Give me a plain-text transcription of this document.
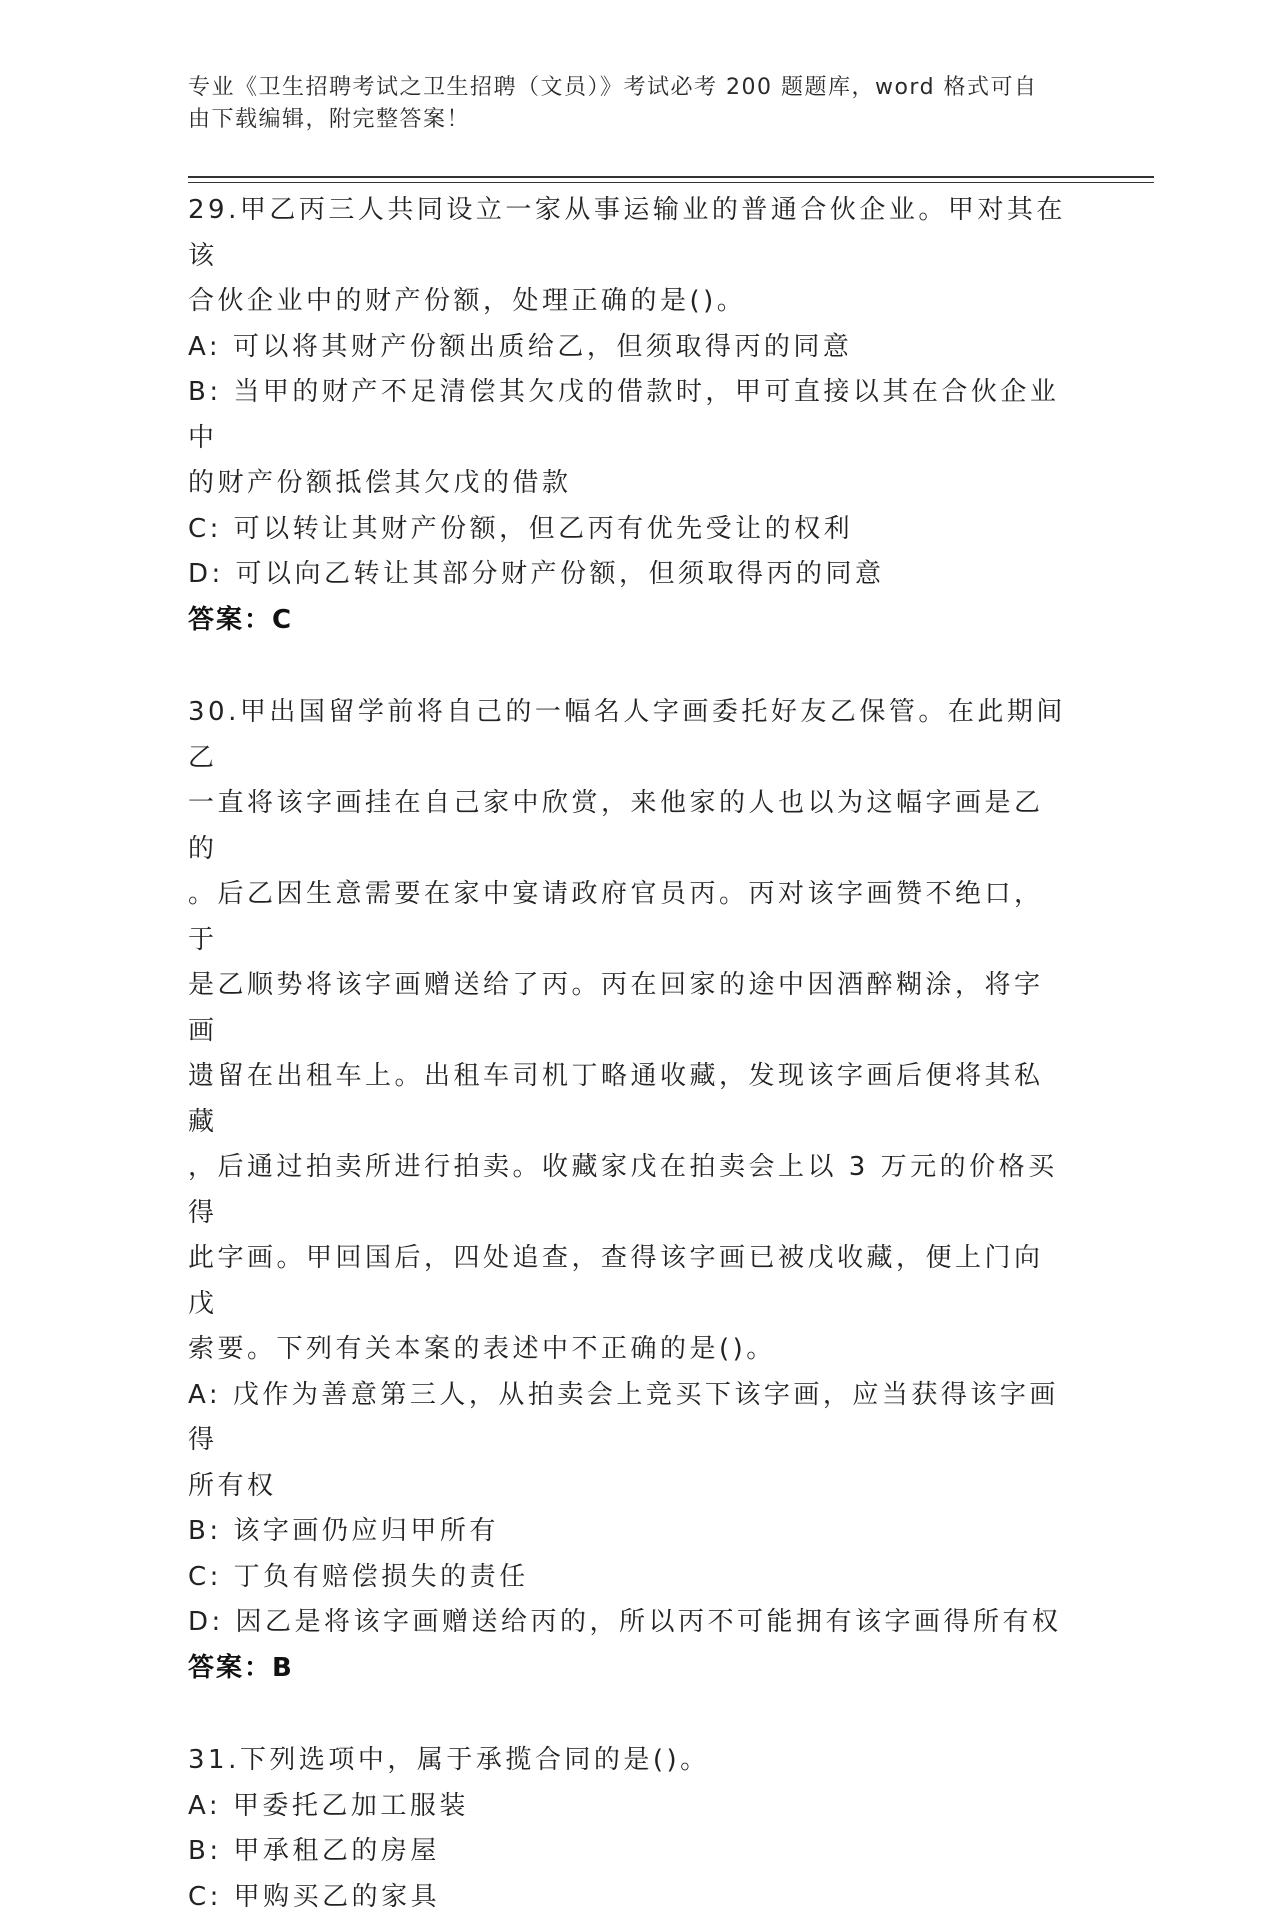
专业《卫生招聘考试之卫生招聘（文员）》考试必考 200 题题库，word 格式可自
由下载编辑，附完整答案！
29.甲乙丙三人共同设立一家从事运输业的普通合伙企业。甲对其在该
合伙企业中的财产份额，处理正确的是()。
A: 可以将其财产份额出质给乙，但须取得丙的同意
B: 当甲的财产不足清偿其欠戊的借款时，甲可直接以其在合伙企业中
的财产份额抵偿其欠戊的借款
C: 可以转让其财产份额，但乙丙有优先受让的权利
D: 可以向乙转让其部分财产份额，但须取得丙的同意
答案：C
30.甲出国留学前将自己的一幅名人字画委托好友乙保管。在此期间乙
一直将该字画挂在自己家中欣赏，来他家的人也以为这幅字画是乙的
。后乙因生意需要在家中宴请政府官员丙。丙对该字画赞不绝口，于
是乙顺势将该字画赠送给了丙。丙在回家的途中因酒醉糊涂，将字画
遗留在出租车上。出租车司机丁略通收藏，发现该字画后便将其私藏
，后通过拍卖所进行拍卖。收藏家戊在拍卖会上以 3 万元的价格买得
此字画。甲回国后，四处追查，查得该字画已被戊收藏，便上门向戊
索要。下列有关本案的表述中不正确的是()。
A: 戊作为善意第三人，从拍卖会上竞买下该字画，应当获得该字画得
所有权
B: 该字画仍应归甲所有
C: 丁负有赔偿损失的责任
D: 因乙是将该字画赠送给丙的，所以丙不可能拥有该字画得所有权
答案：B
31.下列选项中，属于承揽合同的是()。
A: 甲委托乙加工服装
B: 甲承租乙的房屋
C: 甲购买乙的家具
